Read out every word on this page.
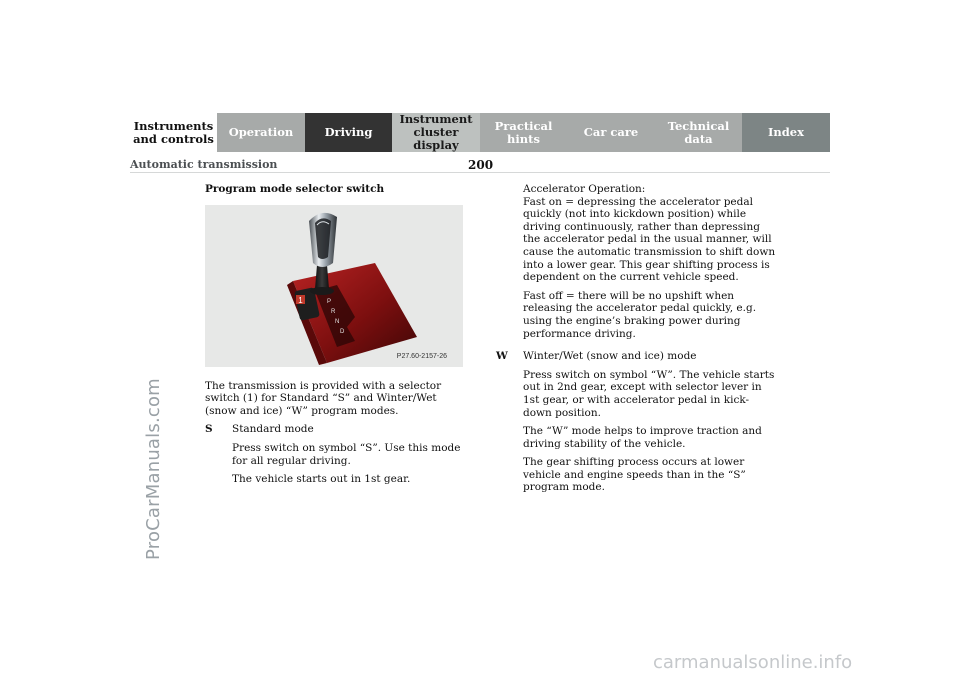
Instruments
and controls Operation	Driving
Instrument
cluster display
Practical hints	Car care	Technical
data	Index
Automatic transmission	200
ProCarManuals.com
carmanualsonline.info
Program mode selector switch
1	P
R
N
D
P27.60-2157-26

The transmission is provided with a selector switch (1) for Standard “S” and Winter/Wet (snow and ice) “W” program modes.

S	Standard mode

Press switch on symbol “S”. Use this mode for all regular driving.

The vehicle starts out in 1st gear.

Accelerator Operation:

Fast on = depressing the accelerator pedal quickly (not into kickdown position) while driving continuously, rather than depressing the accelerator pedal in the usual manner, will cause the automatic transmission to shift down into a lower gear. This gear shifting process is dependent on the current vehicle speed.

Fast off = there will be no upshift when releasing the accelerator pedal quickly, e.g. using the engine’s braking power during performance driving.

W	Winter/Wet (snow and ice) mode

Press switch on symbol “W”. The vehicle starts out in 2nd gear, except with selector lever in 1st gear, or with accelerator pedal in kick-down position.

The “W” mode helps to improve traction and driving stability of the vehicle.

The gear shifting process occurs at lower vehicle and engine speeds than in the “S” program mode.
